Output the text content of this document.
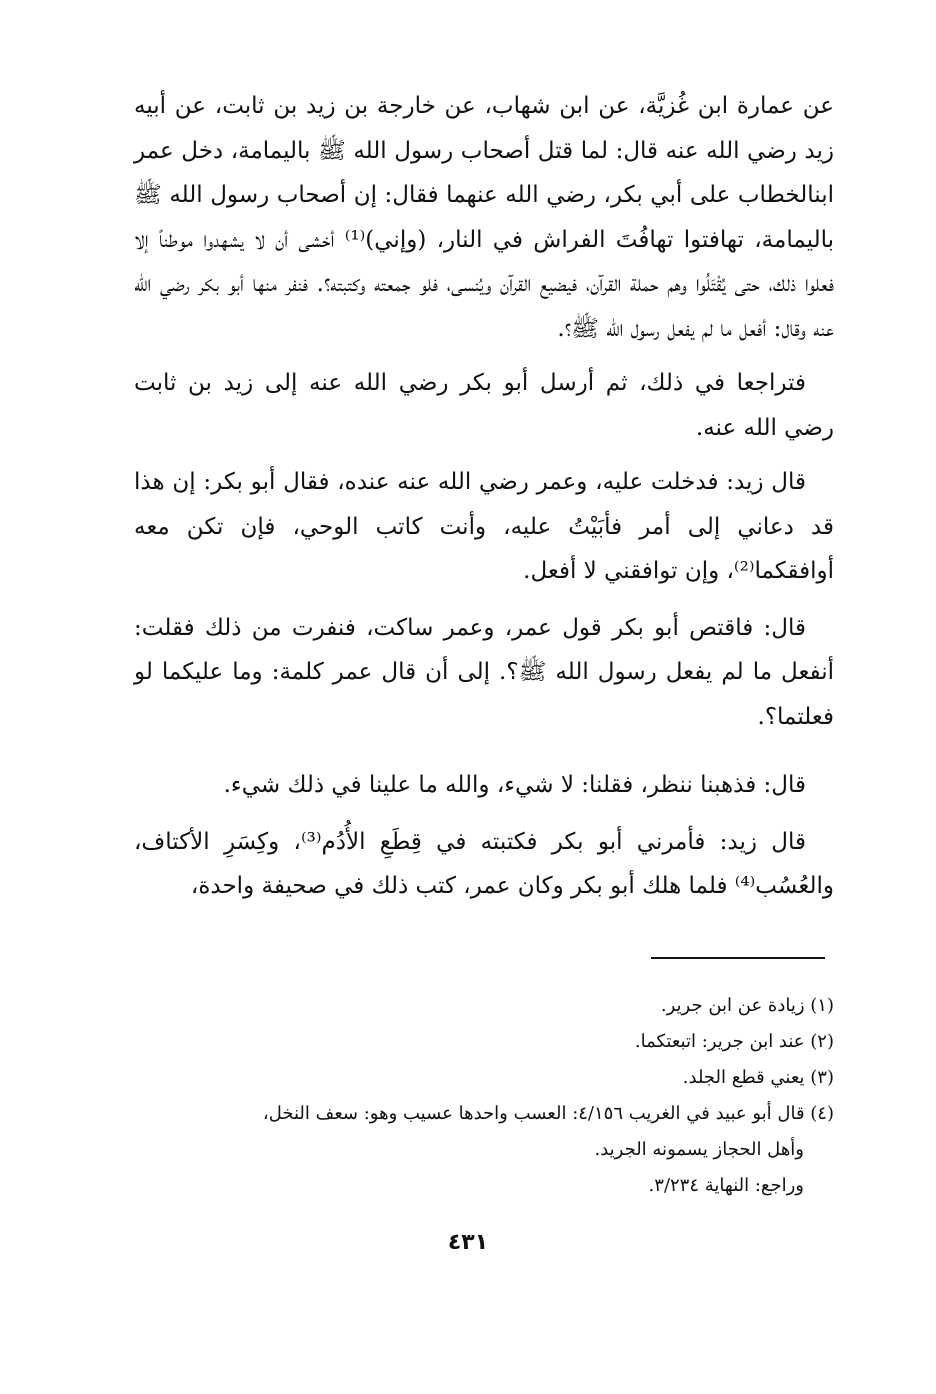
عن عمارة ابن غُزيَّة، عن ابن شهاب، عن خارجة بن زيد بن ثابت، عن أبيه زيد رضي الله عنه قال: لما قتل أصحاب رسول الله ﷺ باليمامة، دخل عمر ابنالخطاب على أبي بكر، رضي الله عنهما فقال: إن أصحاب رسول الله ﷺ باليمامة، تهافتوا تهافُتَ الفراش في النار، (وإني)⁽¹⁾ أخشى أن لا يشهدوا موطناً إلا فعلوا ذلك، حتى يُقْتَلُوا وهم حملة القرآن، فيضيع القرآن ويُنسى، فلو جمعته وكتبته؟. فنفر منها أبو بكر رضي الله عنه وقال: أفعل ما لم يفعل رسول الله ﷺ؟.

فتراجعا في ذلك، ثم أرسل أبو بكر رضي الله عنه إلى زيد بن ثابت رضي الله عنه.

قال زيد: فدخلت عليه، وعمر رضي الله عنه عنده، فقال أبو بكر: إن هذا قد دعاني إلى أمر فأبَيْتُ عليه، وأنت كاتب الوحي، فإن تكن معه أوافقكما⁽²⁾، وإن توافقني لا أفعل.

قال: فاقتص أبو بكر قول عمر، وعمر ساكت، فنفرت من ذلك فقلت: أنفعل ما لم يفعل رسول الله ﷺ؟. إلى أن قال عمر كلمة: وما عليكما لو فعلتما؟.

قال: فذهبنا ننظر، فقلنا: لا شيء، والله ما علينا في ذلك شيء.

قال زيد: فأمرني أبو بكر فكتبته في قِطَعِ الأُدُم⁽³⁾، وكِسَرِ الأكتاف، والعُسُب⁽⁴⁾ فلما هلك أبو بكر وكان عمر، كتب ذلك في صحيفة واحدة،

(١) زيادة عن ابن جرير.

(٢) عند ابن جرير: اتبعتكما.

(٣) يعني قطع الجلد.

(٤) قال أبو عبيد في الغريب ٤/١٥٦: العسب واحدها عسيب وهو: سعف النخل،

وأهل الحجاز يسمونه الجريد.

وراجع: النهاية ٣/٢٣٤.

٤٣١
